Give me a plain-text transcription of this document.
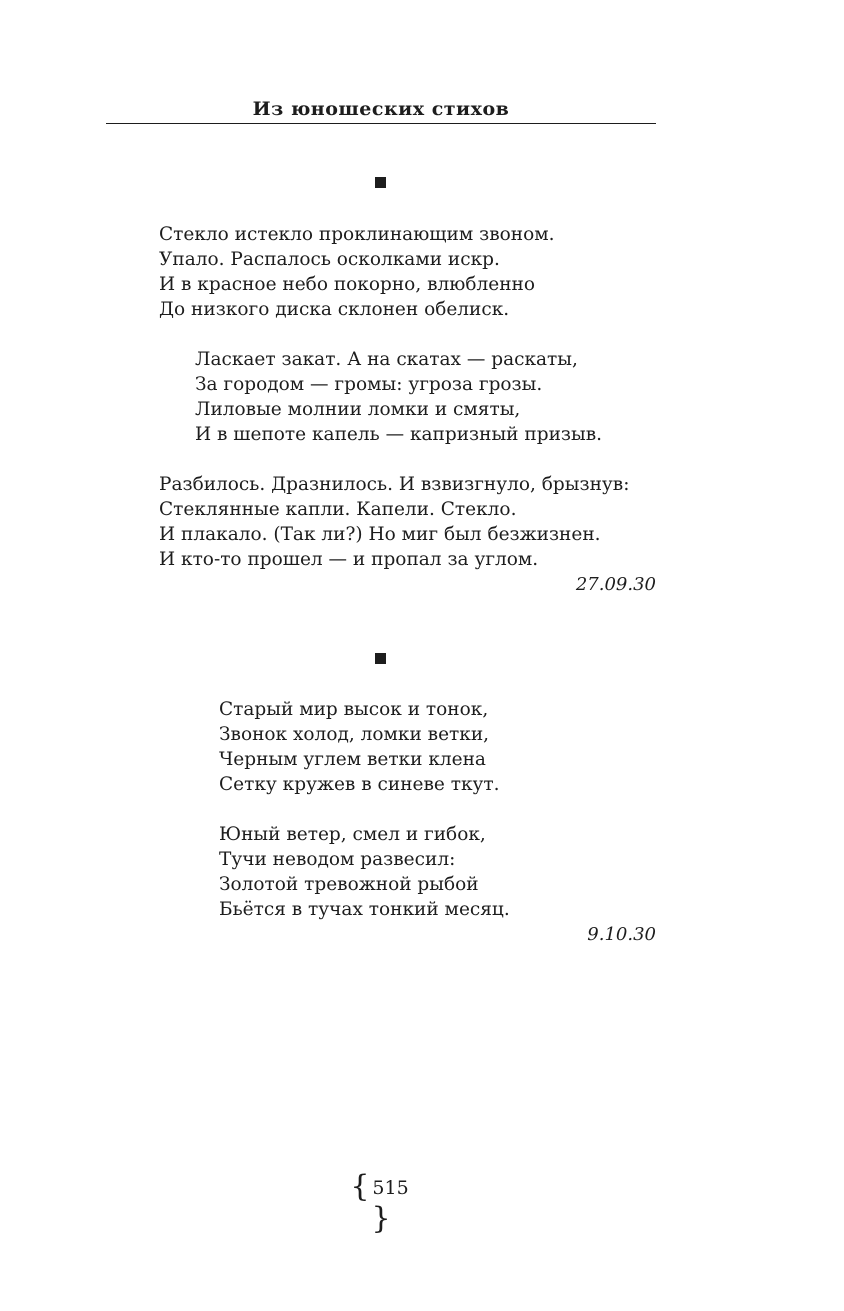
Из юношеских стихов
Стекло истекло проклинающим звоном.
Упало. Распалось осколками искр.
И в красное небо покорно, влюбленно
До низкого диска склонен обелиск.
Ласкает закат. А на скатах — раскаты,
За городом — громы: угроза грозы.
Лиловые молнии ломки и смяты,
И в шепоте капель — капризный призыв.
Разбилось. Дразнилось. И взвизгнуло, брызнув:
Стеклянные капли. Капели. Стекло.
И плакало. (Так ли?) Но миг был безжизнен.
И кто-то прошел — и пропал за углом.
27.09.30
Старый мир высок и тонок,
Звонок холод, ломки ветки,
Черным углем ветки клена
Сетку кружев в синеве ткут.
Юный ветер, смел и гибок,
Тучи неводом развесил:
Золотой тревожной рыбой
Бьётся в тучах тонкий месяц.
9.10.30
{ 515}
